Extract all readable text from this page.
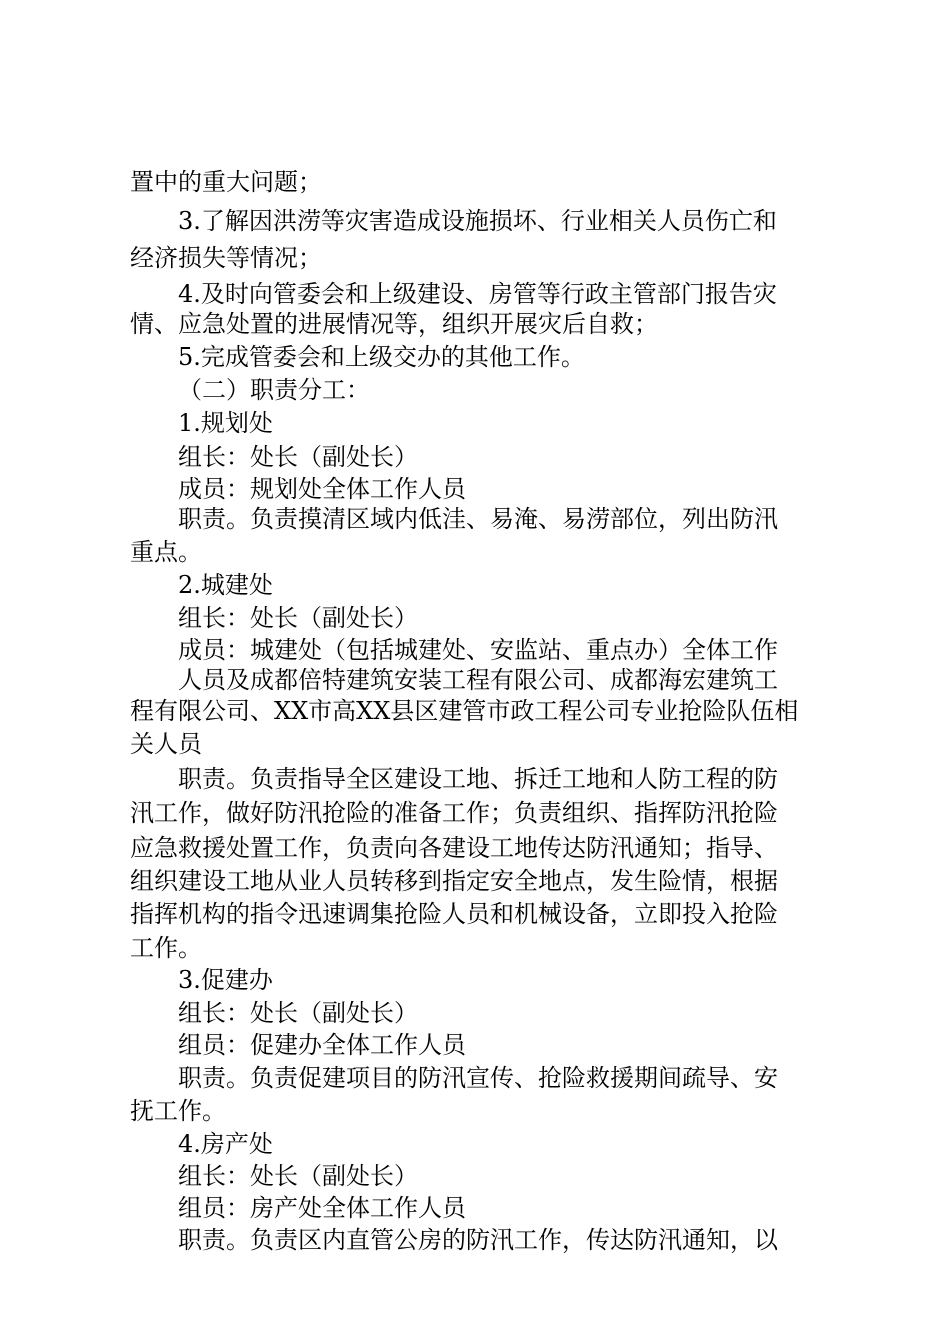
置中的重大问题；
3.了解因洪涝等灾害造成设施损坏、行业相关人员伤亡和
经济损失等情况；
4.及时向管委会和上级建设、房管等行政主管部门报告灾
情、应急处置的进展情况等，组织开展灾后自救；
5.完成管委会和上级交办的其他工作。
（二）职责分工：
1.规划处
组长：处长（副处长）
成员：规划处全体工作人员
职责。负责摸清区域内低洼、易淹、易涝部位，列出防汛
重点。
2.城建处
组长：处长（副处长）
成员：城建处（包括城建处、安监站、重点办）全体工作
人员及成都倍特建筑安装工程有限公司、成都海宏建筑工
程有限公司、XX市高XX县区建管市政工程公司专业抢险队伍相
关人员
职责。负责指导全区建设工地、拆迁工地和人防工程的防
汛工作，做好防汛抢险的准备工作；负责组织、指挥防汛抢险
应急救援处置工作，负责向各建设工地传达防汛通知；指导、
组织建设工地从业人员转移到指定安全地点，发生险情，根据
指挥机构的指令迅速调集抢险人员和机械设备，立即投入抢险
工作。
3.促建办
组长：处长（副处长）
组员：促建办全体工作人员
职责。负责促建项目的防汛宣传、抢险救援期间疏导、安
抚工作。
4.房产处
组长：处长（副处长）
组员：房产处全体工作人员
职责。负责区内直管公房的防汛工作，传达防汛通知，以
